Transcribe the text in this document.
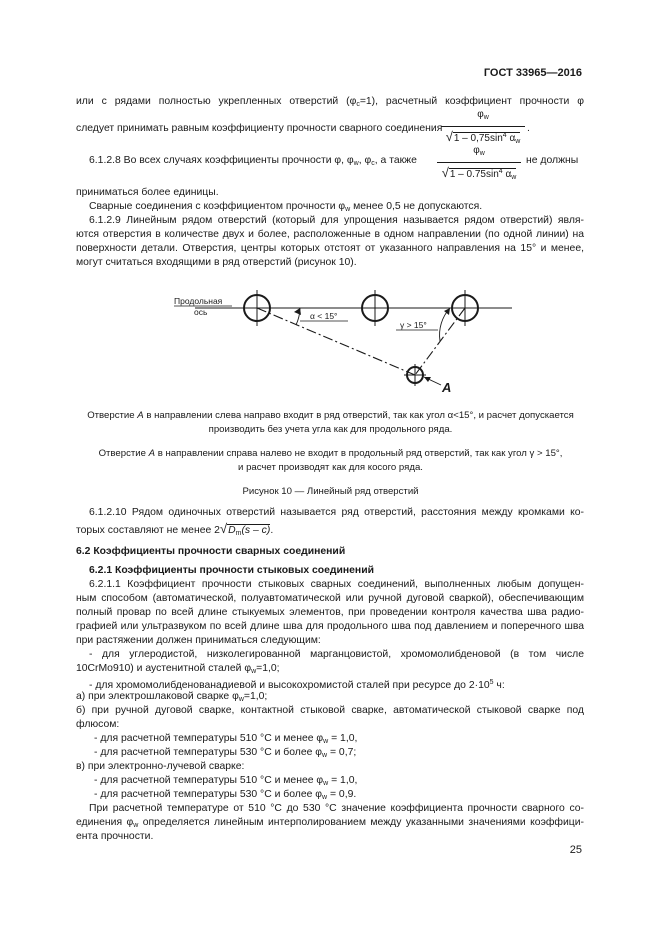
ГОСТ 33965—2016
или с рядами полностью укрепленных отверстий $(\varphi_c=1)$, расчетный коэффициент прочности φ
следует принимать равным коэффициенту прочности сварного соединения
$\varphi_w$
$√1 - 0,75\sin^4$ $\alpha_w$
.
6.1.2.8 Во всех случаях коэффициенты прочности φ, $\varphi_w$, $\varphi_c$, а также
$\varphi_w$
$√1 - 0.75\sin^4$ $\alpha_w$
не должны
приниматься более единицы.
Сварные соединения с коэффициентом прочности $\varphi_w$ менее 0,5 не допускаются.
6.1.2.9 Линейным рядом отверстий (который для упрощения называется рядом отверстий) явля-
ются отверстия в количестве двух и более, расположенные в одном направлении (по одной линии) на
поверхности детали. Отверстия, центры которых отстоят от указанного направления на 15° и менее,
могут считаться входящими в ряд отверстий (рисунок 10).
Продольная
ось	α < 15°
γ > 15°
A
Отверстие A в направлении слева направо входит в ряд отверстий, так как угол α<15°, и расчет допускается
производить без учета угла как для продольного ряда.
Отверстие A в направлении справа налево не входит в продольный ряд отверстий, так как угол γ > 15°,
и расчет производят как для косого ряда.
Рисунок 10 — Линейный ряд отверстий
6.1.2.10 Рядом одиночных отверстий называется ряд отверстий, расстояния между кромками ко-
торых составляют не менее $2√D_m(s - c)$.
6.2 Коэффициенты прочности сварных соединений
6.2.1 Коэффициенты прочности стыковых соединений
6.2.1.1 Коэффициент прочности стыковых сварных соединений, выполненных любым допущен-
ным способом (автоматической, полуавтоматической или ручной дуговой сваркой), обеспечивающим
полный провар по всей длине стыкуемых элементов, при проведении контроля качества шва радио-
графией или ультразвуком по всей длине шва для продольного шва под давлением и поперечного шва
при растяжении должен приниматься следующим:
- для углеродистой, низколегированной марганцовистой, хромомолибденовой (в том числе
10CrMo910) и аустенитной сталей $\varphi_w=1,0$;
- для хромомолибденованадиевой и высокохромистой сталей при ресурсе до $2\cdot 10^5$ ч:
а) при электрошлаковой сварке $\varphi_w=1,0$;
б) при ручной дуговой сварке, контактной стыковой сварке, автоматической стыковой сварке под
флюсом:
- для расчетной температуры 510 °C и менее $\varphi_w = 1,0$,
- для расчетной температуры 530 °C и более $\varphi_w = 0,7$;
в) при электронно-лучевой сварке:
- для расчетной температуры 510 °C и менее $\varphi_w = 1,0$,
- для расчетной температуры 530 °C и более $\varphi_w = 0,9$.
При расчетной температуре от 510 °С до 530 °С значение коэффициента прочности сварного со-
единения $\varphi_w$ определяется линейным интерполированием между указанными значениями коэффици-
ента прочности.
25
